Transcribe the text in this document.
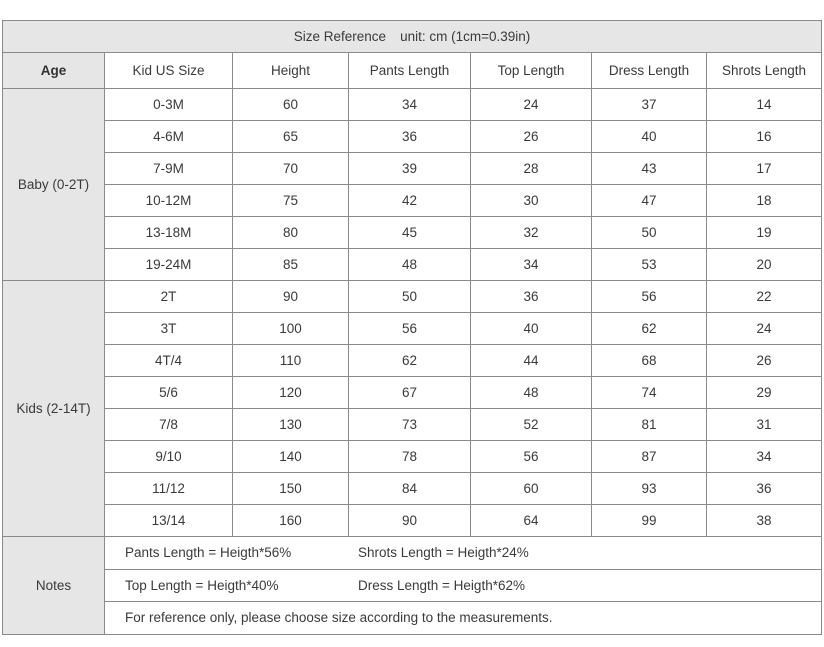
Size Reference unit: cm (1cm=0.39in)						
Age	Kid US Size	Height	Pants Length	Top Length	Dress Length	Shrots Length
Baby (0-2T)	0-3M	60	34	24	37	14
	4-6M	65	36	26	40	16
	7-9M	70	39	28	43	17
	10-12M	75	42	30	47	18
	13-18M	80	45	32	50	19
	19-24M	85	48	34	53	20
Kids (2-14T)	2T	90	50	36	56	22
	3T	100	56	40	62	24
	4T/4	110	62	44	68	26
	5/6	120	67	48	74	29
	7/8	130	73	52	81	31
	9/10	140	78	56	87	34
	11/12	150	84	60	93	36
	13/14	160	90	64	99	38
Notes	Pants Length = Heigth*56% Shrots Length = Heigth*24%					
	Top Length = Heigth*40% Dress Length = Heigth*62%					
	For reference only, please choose size according to the measurements.					
